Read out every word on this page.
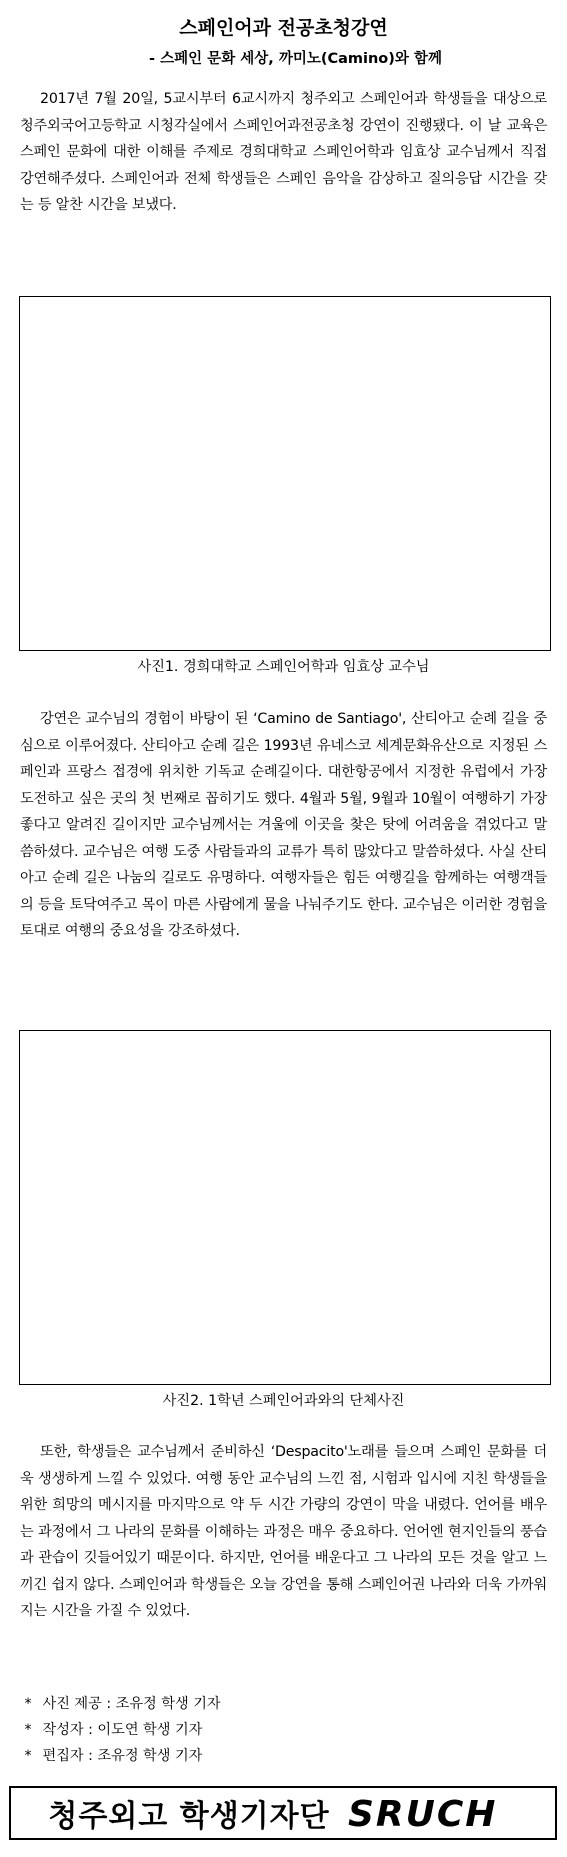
스페인어과 전공초청강연
- 스페인 문화 세상, 까미노(Camino)와 함께

2017년 7월 20일, 5교시부터 6교시까지 청주외고 스페인어과 학생들을 대상으로 청주외국어고등학교 시청각실에서 스페인어과전공초청 강연이 진행됐다. 이 날 교육은 스페인 문화에 대한 이해를 주제로 경희대학교 스페인어학과 임효상 교수님께서 직접 강연해주셨다. 스페인어과 전체 학생들은 스페인 음악을 감상하고 질의응답 시간을 갖는 등 알찬 시간을 보냈다.

사진1. 경희대학교 스페인어학과 임효상 교수님

강연은 교수님의 경험이 바탕이 된 ‘Camino de Santiago', 산티아고 순례 길을 중심으로 이루어졌다. 산티아고 순례 길은 1993년 유네스코 세계문화유산으로 지정된 스페인과 프랑스 접경에 위치한 기독교 순례길이다. 대한항공에서 지정한 유럽에서 가장 도전하고 싶은 곳의 첫 번째로 꼽히기도 했다. 4월과 5월, 9월과 10월이 여행하기 가장 좋다고 알려진 길이지만 교수님께서는 겨울에 이곳을 찾은 탓에 어려움을 겪었다고 말씀하셨다. 교수님은 여행 도중 사람들과의 교류가 특히 많았다고 말씀하셨다. 사실 산티아고 순례 길은 나눔의 길로도 유명하다. 여행자들은 힘든 여행길을 함께하는 여행객들의 등을 토닥여주고 목이 마른 사람에게 물을 나눠주기도 한다. 교수님은 이러한 경험을 토대로 여행의 중요성을 강조하셨다.

사진2. 1학년 스페인어과와의 단체사진

또한, 학생들은 교수님께서 준비하신 ‘Despacito'노래를 들으며 스페인 문화를 더욱 생생하게 느낄 수 있었다. 여행 동안 교수님의 느낀 점, 시험과 입시에 지친 학생들을 위한 희망의 메시지를 마지막으로 약 두 시간 가량의 강연이 막을 내렸다. 언어를 배우는 과정에서 그 나라의 문화를 이해하는 과정은 매우 중요하다. 언어엔 현지인들의 풍습과 관습이 깃들어있기 때문이다. 하지만, 언어를 배운다고 그 나라의 모든 것을 알고 느끼긴 쉽지 않다. 스페인어과 학생들은 오늘 강연을 통해 스페인어권 나라와 더욱 가까워지는 시간을 가질 수 있었다.

* 사진 제공 : 조유정 학생 기자
* 작성자 : 이도연 학생 기자
* 편집자 : 조유정 학생 기자
청주외고 학생기자단 SRUCH
